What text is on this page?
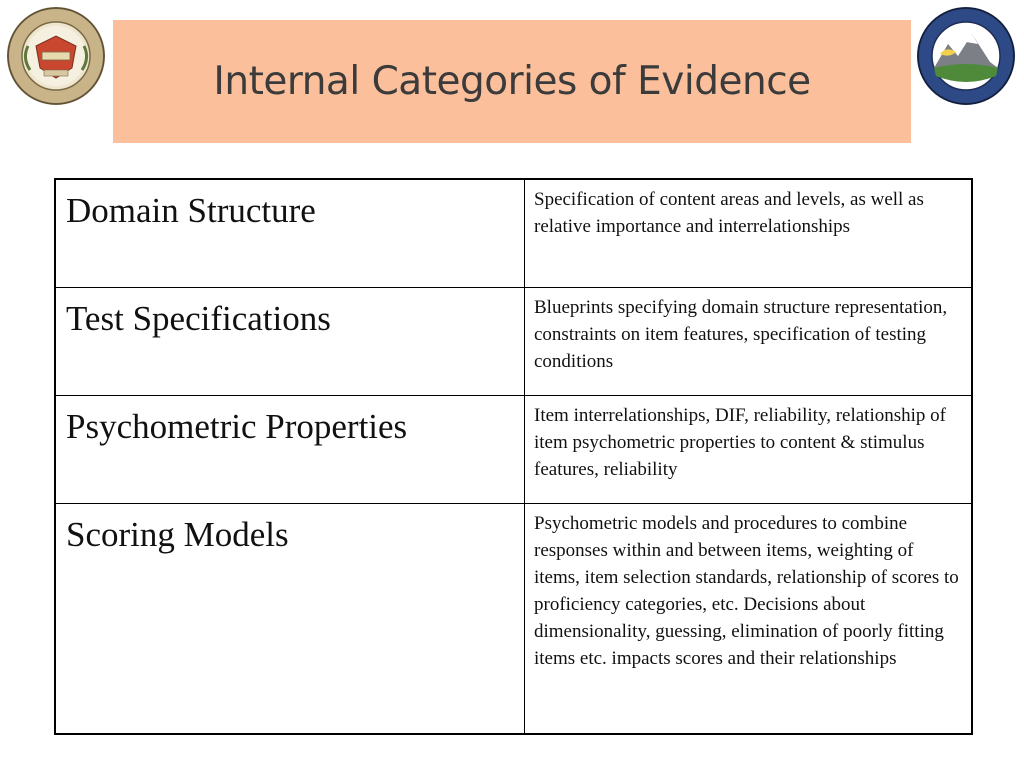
Internal Categories of Evidence
Domain Structure	Specification of content areas and levels, as well as relative importance and interrelationships
Test Specifications	Blueprints specifying domain structure representation, constraints on item features, specification of testing conditions
Psychometric Properties	Item interrelationships, DIF, reliability, relationship of item psychometric properties to content & stimulus features, reliability
Scoring Models	Psychometric models and procedures to combine responses within and between items, weighting of items, item selection standards, relationship of scores to proficiency categories, etc. Decisions about dimensionality, guessing, elimination of poorly fitting items etc. impacts scores and their relationships
